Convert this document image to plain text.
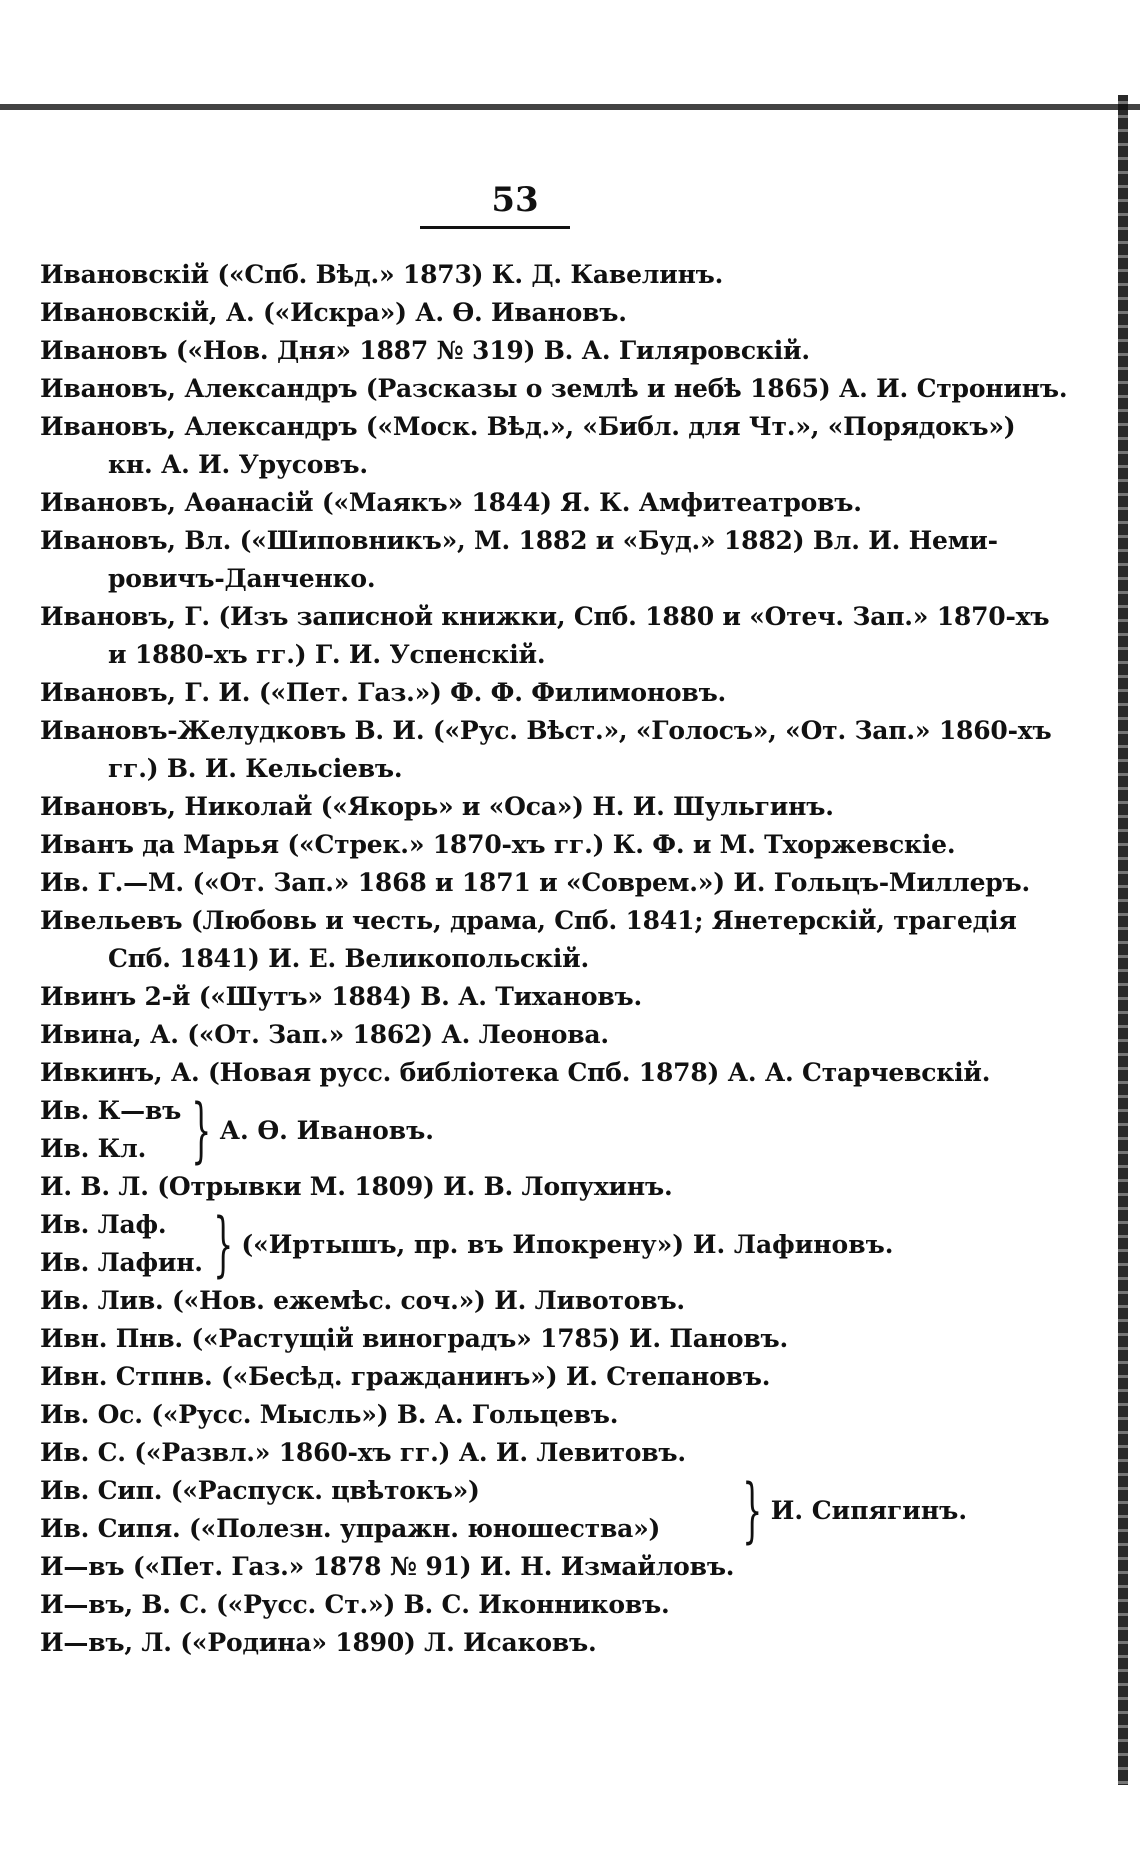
53
Ивановскій («Спб. Вѣд.» 1873) К. Д. Кавелинъ.
Ивановскій, А. («Искра») А. Ѳ. Ивановъ.
Ивановъ («Нов. Дня» 1887 № 319) В. А. Гиляровскій.
Ивановъ, Александръ (Разсказы о землѣ и небѣ 1865) А. И. Стронинъ.
Ивановъ, Александръ («Моск. Вѣд.», «Библ. для Чт.», «Порядокъ»)
кн. А. И. Урусовъ.
Ивановъ, Аѳанасій («Маякъ» 1844) Я. К. Амфитеатровъ.
Ивановъ, Вл. («Шиповникъ», М. 1882 и «Буд.» 1882) Вл. И. Неми-
ровичъ-Данченко.
Ивановъ, Г. (Изъ записной книжки, Спб. 1880 и «Отеч. Зап.» 1870-хъ
и 1880-хъ гг.) Г. И. Успенскій.
Ивановъ, Г. И. («Пет. Газ.») Ф. Ф. Филимоновъ.
Ивановъ-Желудковъ В. И. («Рус. Вѣст.», «Голосъ», «От. Зап.» 1860-хъ
гг.) В. И. Кельсіевъ.
Ивановъ, Николай («Якорь» и «Оса») Н. И. Шульгинъ.
Иванъ да Марья («Стрек.» 1870-хъ гг.) К. Ф. и М. Тхоржевскіе.
Ив. Г.—М. («От. Зап.» 1868 и 1871 и «Соврем.») И. Гольцъ-Миллеръ.
Ивельевъ (Любовь и честь, драма, Спб. 1841; Янетерскій, трагедія
Спб. 1841) И. Е. Великопольскій.
Ивинъ 2-й («Шутъ» 1884) В. А. Тихановъ.
Ивина, А. («От. Зап.» 1862) А. Леонова.
Ивкинъ, А. (Новая русс. библіотека Спб. 1878) А. А. Старчевскій.
Ив. К—въ
Ив. Кл. } А. Ѳ. Ивановъ.
И. В. Л. (Отрывки М. 1809) И. В. Лопухинъ.
Ив. Лаф.
Ив. Лафин. } («Иртышъ, пр. въ Ипокрену») И. Лафиновъ.
Ив. Лив. («Нов. ежемѣс. соч.») И. Ливотовъ.
Ивн. Пнв. («Растущій виноградъ» 1785) И. Пановъ.
Ивн. Стпнв. («Бесѣд. гражданинъ») И. Степановъ.
Ив. Ос. («Русс. Мысль») В. А. Гольцевъ.
Ив. С. («Развл.» 1860-хъ гг.) А. И. Левитовъ.
Ив. Сип. («Распуск. цвѣтокъ»)
Ив. Сипя. («Полезн. упражн. юношества») } И. Сипягинъ.
И—въ («Пет. Газ.» 1878 № 91) И. Н. Измайловъ.
И—въ, В. С. («Русс. Ст.») В. С. Иконниковъ.
И—въ, Л. («Родина» 1890) Л. Исаковъ.
